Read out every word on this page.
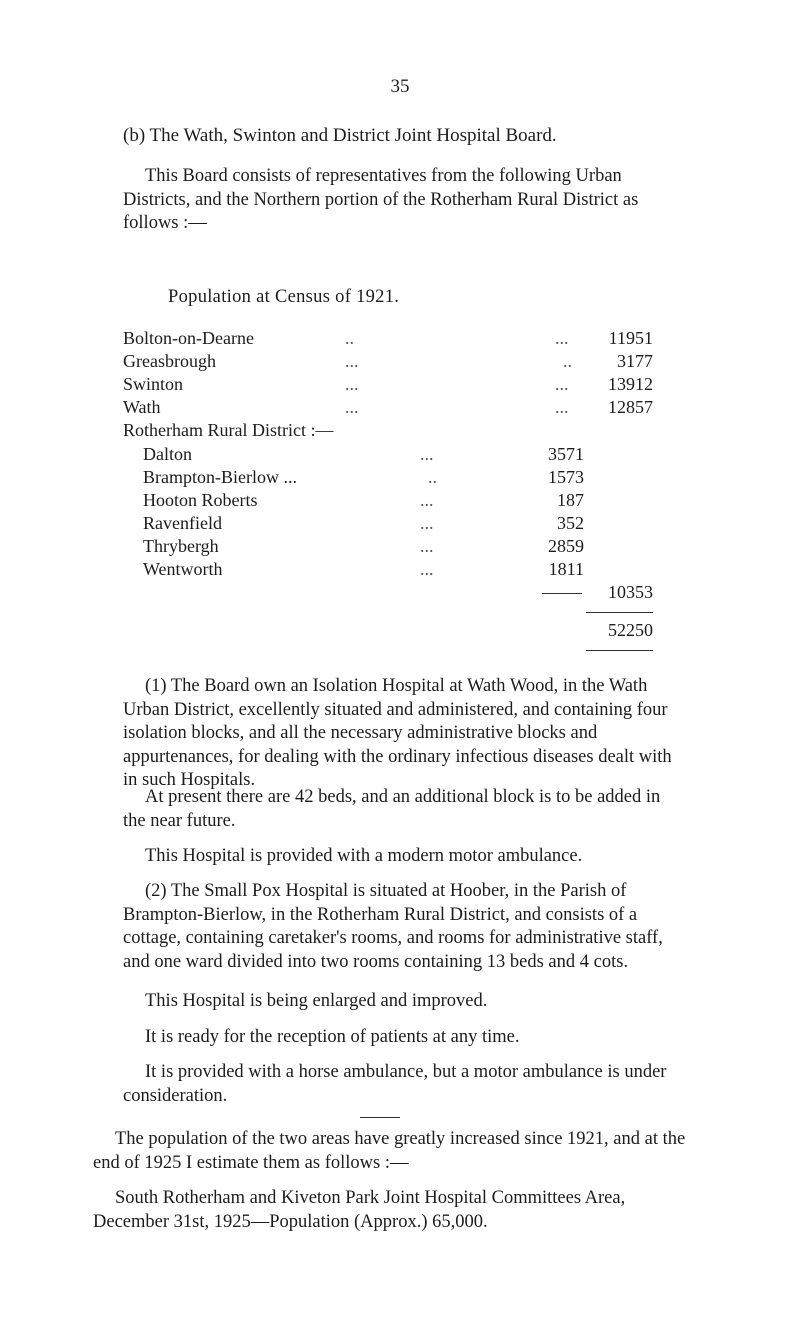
35
(b) The Wath, Swinton and District Joint Hospital Board.
This Board consists of representatives from the following Urban Districts, and the Northern portion of the Rotherham Rural District as follows :—
Population at Census of 1921.
Bolton-on-Dearne	..	...	11951
Greasbrough	...	..	3177
Swinton	...	...	13912
Wath	...	...	12857
Rotherham Rural District :—
Dalton	...	3571
Brampton-Bierlow ...	..	1573
Hooton Roberts	...	187
Ravenfield	...	352
Thrybergh	...	2859
Wentworth	...	1811
10353
52250
(1) The Board own an Isolation Hospital at Wath Wood, in the Wath Urban District, excellently situated and administered, and containing four isolation blocks, and all the necessary administrative blocks and appurtenances, for dealing with the ordinary infectious diseases dealt with in such Hospitals.
At present there are 42 beds, and an additional block is to be added in the near future.
This Hospital is provided with a modern motor ambulance.
(2) The Small Pox Hospital is situated at Hoober, in the Parish of Brampton-Bierlow, in the Rotherham Rural District, and consists of a cottage, containing caretaker's rooms, and rooms for administrative staff, and one ward divided into two rooms containing 13 beds and 4 cots.
This Hospital is being enlarged and improved.
It is ready for the reception of patients at any time.
It is provided with a horse ambulance, but a motor ambulance is under consideration.
The population of the two areas have greatly increased since 1921, and at the end of 1925 I estimate them as follows :—
South Rotherham and Kiveton Park Joint Hospital Committees Area, December 31st, 1925—Population (Approx.) 65,000.
